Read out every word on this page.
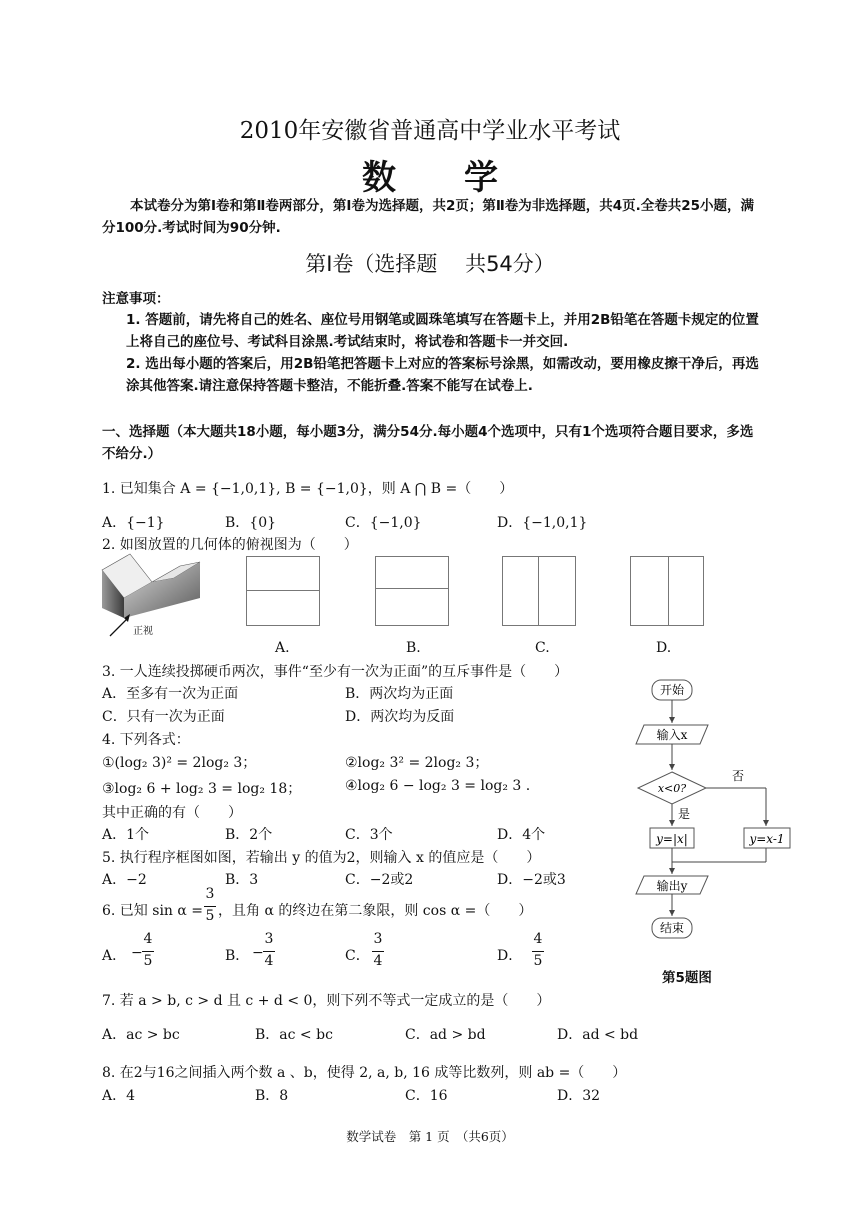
2010年安徽省普通高中学业水平考试
数　　学
本试卷分为第Ⅰ卷和第Ⅱ卷两部分，第Ⅰ卷为选择题，共2页；第Ⅱ卷为非选择题，共4页.全卷共25小题，满分100分.考试时间为90分钟.
第Ⅰ卷（选择题　 共54分）
注意事项：
1. 答题前，请先将自己的姓名、座位号用钢笔或圆珠笔填写在答题卡上，并用2B铅笔在答题卡规定的位置上将自己的座位号、考试科目涂黑.考试结束时，将试卷和答题卡一并交回.
2. 选出每小题的答案后，用2B铅笔把答题卡上对应的答案标号涂黑，如需改动，要用橡皮擦干净后，再选涂其他答案.请注意保持答题卡整洁，不能折叠.答案不能写在试卷上.
一、选择题（本大题共18小题，每小题3分，满分54分.每小题4个选项中，只有1个选项符合题目要求，多选不给分.）
1. 已知集合 A = {−1,0,1}, B = {−1,0}，则 A ⋂ B =（　　）
A．{−1}	B．{0}	C．{−1,0}	D．{−1,0,1}
2. 如图放置的几何体的俯视图为（　　）
正视
A.	B.	C.	D.
3. 一人连续投掷硬币两次，事件“至少有一次为正面”的互斥事件是（　　）
A．至多有一次为正面	B．两次均为正面
C．只有一次为正面	D．两次均为反面
4. 下列各式：
①(log₂ 3)² = 2log₂ 3；	②log₂ 3² = 2log₂ 3；
③log₂ 6 + log₂ 3 = log₂ 18；	④log₂ 6 − log₂ 3 = log₂ 3 .
其中正确的有（　　）
A．1个	B．2个	C．3个	D．4个
5. 执行程序框图如图，若输出 y 的值为2，则输入 x 的值应是（　　）
A．−2	B．3	C．−2或2	D．−2或3
6. 已知 sin α =
3
5 ，且角 α 的终边在第二象限，则 cos α =（　　）
A． −
4
5	B． −
3
4	C．
3
4	D．
4
5
7. 若 a > b, c > d 且 c + d < 0，则下列不等式一定成立的是（　　）
A．ac > bc	B．ac < bc	C．ad > bd	D．ad < bd
8. 在2与16之间插入两个数 a 、b，使得 2, a, b, 16 成等比数列，则 ab =（　　）
A．4	B．8	C．16	D．32
开始
输入x
x<0?
否
是
y=|x|	y=x-1
输出y
结束
第5题图
数学试卷　第 1 页　（共6页）
